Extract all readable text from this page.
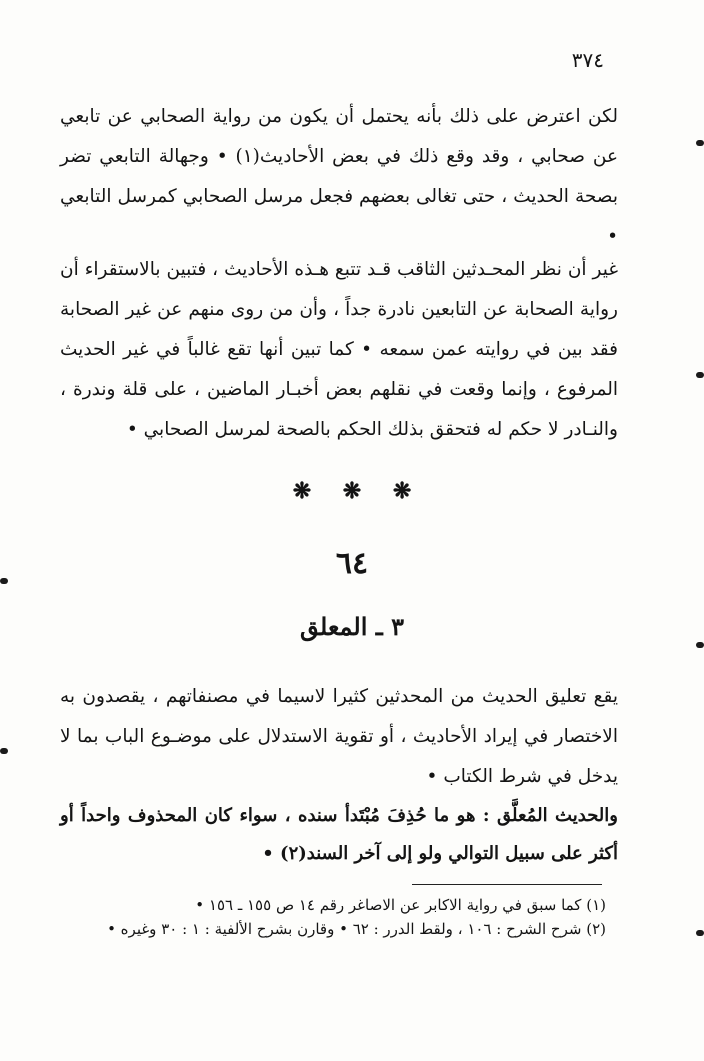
٣٧٤

لكن اعترض على ذلك بأنه يحتمل أن يكون من رواية الصحابي عن تابعي عن صحابي ، وقد وقع ذلك في بعض الأحاديث(١) • وجهالة التابعي تضر بصحة الحديث ، حتى تغالى بعضهم فجعل مرسل الصحابي كمرسل التابعي •

غير أن نظر المحـدثين الثاقب قـد تتبع هـذه الأحاديث ، فتبين بالاستقراء أن رواية الصحابة عن التابعين نادرة جداً ، وأن من روى منهم عن غير الصحابة فقد بين في روايته عمن سمعه • كما تبين أنها تقع غالباً في غير الحديث المرفوع ، وإنما وقعت في نقلهم بعض أخبـار الماضين ، على قلة وندرة ، والنـادر لا حكم له فتحقق بذلك الحكم بالصحة لمرسل الصحابي •

❋ ❋ ❋
٦٤
٣ ـ المعلق

يقع تعليق الحديث من المحدثين كثيرا لاسيما في مصنفاتهم ، يقصدون به الاختصار في إيراد الأحاديث ، أو تقوية الاستدلال على موضـوع الباب بما لا يدخل في شرط الكتاب •

والحديث المُعلَّق : هو ما حُذِفَ مُبْتَدأ سنده ، سواء كان المحذوف واحداً أو أكثر على سبيل التوالي ولو إلى آخر السند(٢) •

(١) كما سبق في رواية الاكابر عن الاصاغر رقم ١٤ ص ١٥٥ ـ ١٥٦ •

(٢) شرح الشرح : ١٠٦ ، ولقط الدرر : ٦٢ • وقارن بشرح الألفية : ١ : ٣٠ وغيره •
